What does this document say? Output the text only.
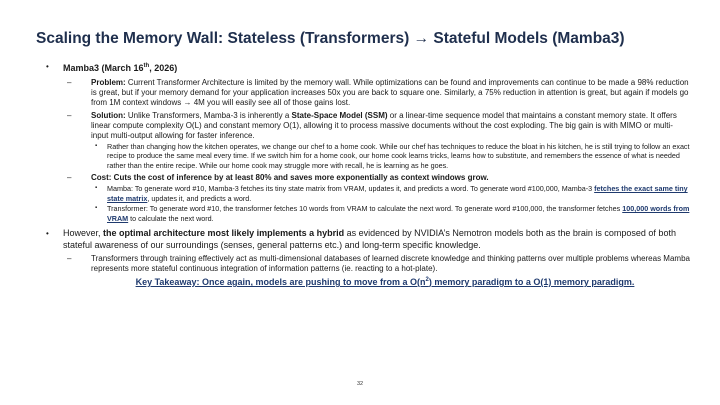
Scaling the Memory Wall: Stateless (Transformers) → Stateful Models (Mamba3)
•	Mamba3 (March 16th, 2026)
–	Problem: Current Transformer Architecture is limited by the memory wall. While optimizations can be found and improvements can continue to be made a 98% reduction is great, but if your memory demand for your application increases 50x you are back to square one. Similarly, a 75% reduction in attention is great, but again if models go from 1M context windows → 4M you will easily see all of those gains lost.
–	Solution: Unlike Transformers, Mamba-3 is inherently a State-Space Model (SSM) or a linear-time sequence model that maintains a constant memory state. It offers linear compute complexity O(L) and constant memory O(1), allowing it to process massive documents without the cost exploding. The big gain is with MIMO or multi-input multi-output allowing for faster inference.
▪	Rather than changing how the kitchen operates, we change our chef to a home cook. While our chef has techniques to reduce the bloat in his kitchen, he is still trying to follow an exact recipe to produce the same meal every time. If we switch him for a home cook, our home cook learns tricks, learns how to substitute, and remembers the essence of what is needed rather than the entire recipe. While our home cook may struggle more with recall, he is learning as he goes.
–	Cost: Cuts the cost of inference by at least 80% and saves more exponentially as context windows grow.
▪	Mamba: To generate word #10, Mamba-3 fetches its tiny state matrix from VRAM, updates it, and predicts a word. To generate word #100,000, Mamba-3 fetches the exact same tiny state matrix, updates it, and predicts a word.
▪	Transformer: To generate word #10, the transformer fetches 10 words from VRAM to calculate the next word. To generate word #100,000, the transformer fetches 100,000 words from VRAM to calculate the next word.
•	However, the optimal architecture most likely implements a hybrid as evidenced by NVIDIA’s Nemotron models both as the brain is composed of both stateful awareness of our surroundings (senses, general patterns etc.) and long-term specific knowledge.
–	Transformers through training effectively act as multi-dimensional databases of learned discrete knowledge and thinking patterns over multiple problems whereas Mamba represents more stateful continuous integration of information patterns (ie. reacting to a hot-plate).
Key Takeaway: Once again, models are pushing to move from a $O(n^2)$ memory paradigm to a O(1) memory paradigm.
32
